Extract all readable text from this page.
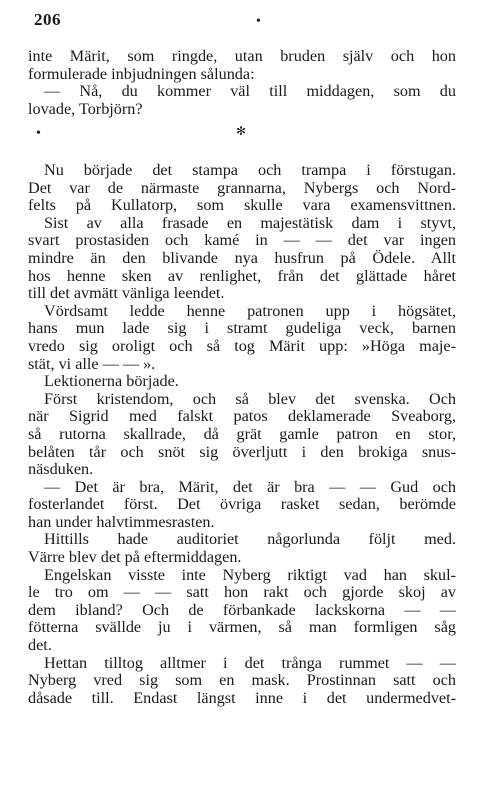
206	•
inte Märit, som ringde, utan bruden själv och hon
formulerade inbjudningen sålunda:
— Nå, du kommer väl till middagen, som du
lovade, Torbjörn?
•	✻
Nu började det stampa och trampa i förstugan.
Det var de närmaste grannarna, Nybergs och Nord-
felts på Kullatorp, som skulle vara examensvittnen.
Sist av alla frasade en majestätisk dam i styvt,
svart prostasiden och kamé in — — det var ingen
mindre än den blivande nya husfrun på Ödele. Allt
hos henne sken av renlighet, från det glättade håret
till det avmätt vänliga leendet.
Vördsamt ledde henne patronen upp i högsätet,
hans mun lade sig i stramt gudeliga veck, barnen
vredo sig oroligt och så tog Märit upp: »Höga maje-
stät, vi alle — — ».
Lektionerna började.
Först kristendom, och så blev det svenska. Och
när Sigrid med falskt patos deklamerade Sveaborg,
så rutorna skallrade, då grät gamle patron en stor,
belåten tår och snöt sig överljutt i den brokiga snus-
näsduken.
— Det är bra, Märit, det är bra — — Gud och
fosterlandet först. Det övriga rasket sedan, berömde
han under halvtimmesrasten.
Hittills hade auditoriet någorlunda följt med.
Värre blev det på eftermiddagen.
Engelskan visste inte Nyberg riktigt vad han skul-
le tro om — — satt hon rakt och gjorde skoj av
dem ibland? Och de förbankade lackskorna — —
fötterna svällde ju i värmen, så man formligen såg
det.
Hettan tilltog alltmer i det trånga rummet — —
Nyberg vred sig som en mask. Prostinnan satt och
dåsade till. Endast längst inne i det undermedvet-
